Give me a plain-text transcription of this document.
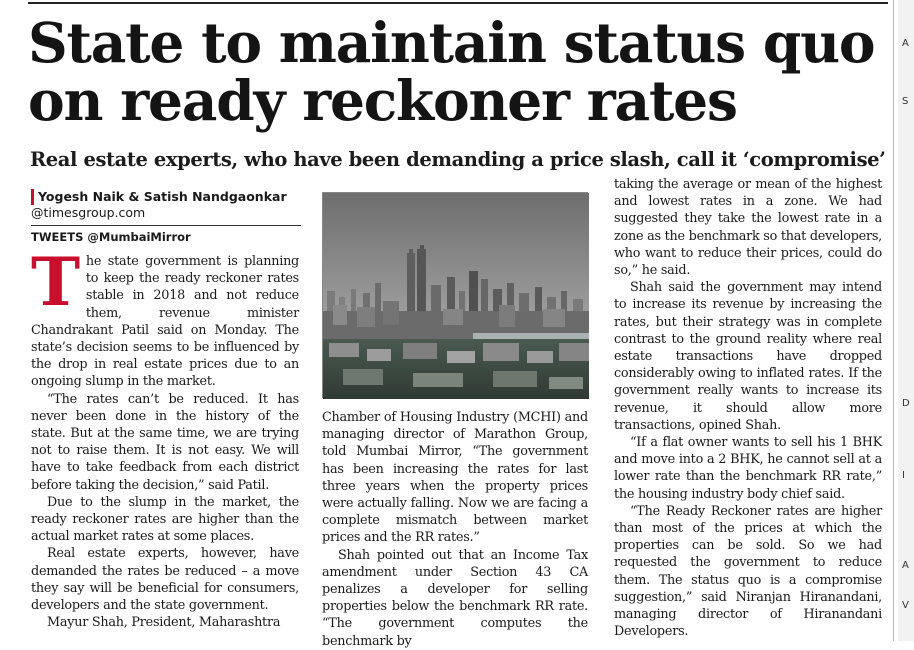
A
S
D
I
A
V
State to maintain status quo
on ready reckoner rates
Real estate experts, who have been demanding a price slash, call it ‘compromise’
Yogesh Naik & Satish Nandgaonkar
@timesgroup.com
TWEETS @MumbaiMirror

The state government is planning to keep the ready reckoner rates stable in 2018 and not reduce them, revenue minister Chandrakant Patil said on Monday. The state’s decision seems to be influenced by the drop in real estate prices due to an ongoing slump in the market.

“The rates can’t be reduced. It has never been done in the history of the state. But at the same time, we are trying not to raise them. It is not easy. We will have to take feedback from each district before taking the decision,” said Patil.

Due to the slump in the market, the ready reckoner rates are higher than the actual market rates at some places.

Real estate experts, however, have demanded the rates be reduced – a move they say will be beneficial for consumers, developers and the state government.

Mayur Shah, President, Maharashtra

Chamber of Housing Industry (MCHI) and managing director of Marathon Group, told Mumbai Mirror, “The government has been increasing the rates for last three years when the property prices were actually falling. Now we are facing a complete mismatch between market prices and the RR rates.”

Shah pointed out that an Income Tax amendment under Section 43 CA penalizes a developer for selling properties below the benchmark RR rate. “The government computes the benchmark by

taking the average or mean of the highest and lowest rates in a zone. We had suggested they take the lowest rate in a zone as the benchmark so that developers, who want to reduce their prices, could do so,” he said.

Shah said the government may intend to increase its revenue by increasing the rates, but their strategy was in complete contrast to the ground reality where real estate transactions have dropped considerably owing to inflated rates. If the government really wants to increase its revenue, it should allow more transactions, opined Shah.

“If a flat owner wants to sell his 1 BHK and move into a 2 BHK, he cannot sell at a lower rate than the benchmark RR rate,” the housing industry body chief said.

“The Ready Reckoner rates are higher than most of the prices at which the properties can be sold. So we had requested the government to reduce them. The status quo is a compromise suggestion,” said Niranjan Hiranandani, managing director of Hiranandani Developers.
